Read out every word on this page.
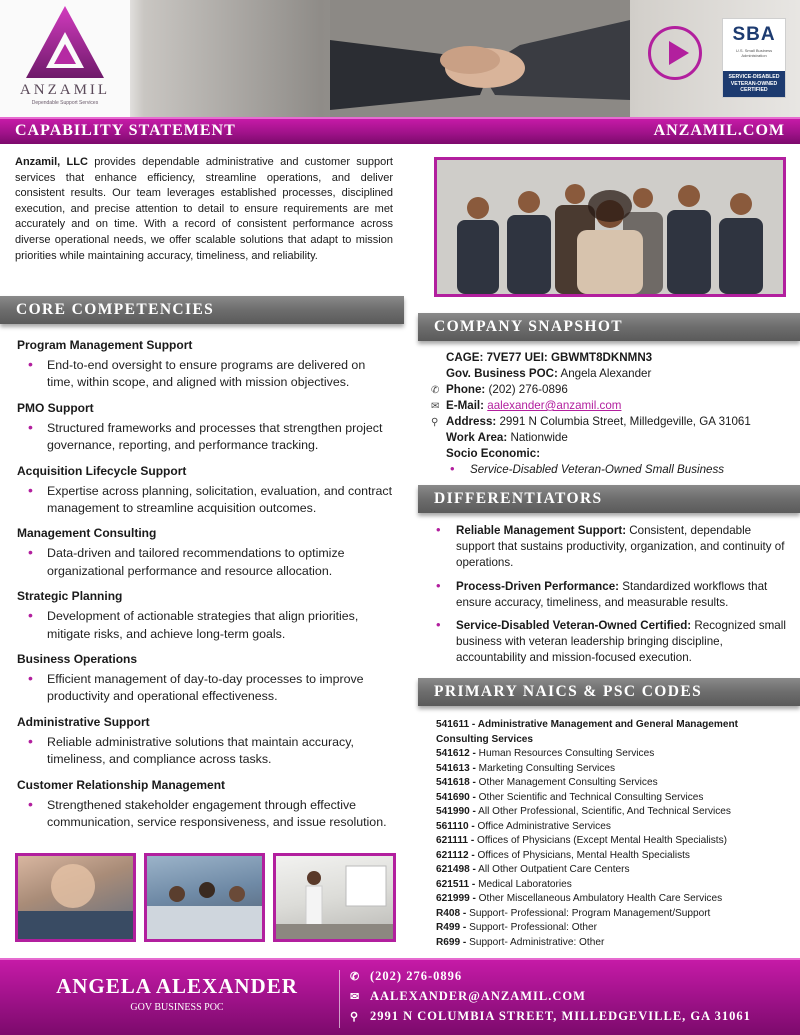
ANZAMIL
Dependable Support Services
SBA
U.S. Small Business Administration
SERVICE-DISABLED VETERAN-OWNED CERTIFIED
CAPABILITY STATEMENT	ANZAMIL.COM
Anzamil, LLC provides dependable administrative and customer support services that enhance efficiency, streamline operations, and deliver consistent results. Our team leverages established processes, disciplined execution, and precise attention to detail to ensure requirements are met accurately and on time. With a record of consistent performance across diverse operational needs, we offer scalable solutions that adapt to mission priorities while maintaining accuracy, timeliness, and reliability.
CORE COMPETENCIES
COMPANY SNAPSHOT
DIFFERENTIATORS
PRIMARY NAICS & PSC CODES
Program Management Support
• End-to-end oversight to ensure programs are delivered on time, within scope, and aligned with mission objectives.
PMO Support
• Structured frameworks and processes that strengthen project governance, reporting, and performance tracking.
Acquisition Lifecycle Support
• Expertise across planning, solicitation, evaluation, and contract management to streamline acquisition outcomes.
Management Consulting
• Data-driven and tailored recommendations to optimize organizational performance and resource allocation.
Strategic Planning
• Development of actionable strategies that align priorities, mitigate risks, and achieve long-term goals.
Business Operations
• Efficient management of day-to-day processes to improve productivity and operational effectiveness.
Administrative Support
• Reliable administrative solutions that maintain accuracy, timeliness, and compliance across tasks.
Customer Relationship Management
• Strengthened stakeholder engagement through effective communication, service responsiveness, and issue resolution.
CAGE: 7VE77 UEI: GBWMT8DKNMN3
Gov. Business POC: Angela Alexander
✆ Phone: (202) 276-0896
✉ E-Mail: aalexander@anzamil.com
⚲ Address: 2991 N Columbia Street, Milledgeville, GA 31061
Work Area: Nationwide
Socio Economic:
• Service-Disabled Veteran-Owned Small Business
• Reliable Management Support: Consistent, dependable support that sustains productivity, organization, and continuity of operations.
• Process-Driven Performance: Standardized workflows that ensure accuracy, timeliness, and measurable results.
• Service-Disabled Veteran-Owned Certified: Recognized small business with veteran leadership bringing discipline, accountability and mission-focused execution.
541611 - Administrative Management and General Management Consulting Services
541612 - Human Resources Consulting Services
541613 - Marketing Consulting Services
541618 - Other Management Consulting Services
541690 - Other Scientific and Technical Consulting Services
541990 - All Other Professional, Scientific, And Technical Services
561110 - Office Administrative Services
621111 - Offices of Physicians (Except Mental Health Specialists)
621112 - Offices of Physicians, Mental Health Specialists
621498 - All Other Outpatient Care Centers
621511 - Medical Laboratories
621999 - Other Miscellaneous Ambulatory Health Care Services
R408 - Support- Professional: Program Management/Support
R499 - Support- Professional: Other
R699 - Support- Administrative: Other
ANGELA ALEXANDER
GOV BUSINESS POC
✆ (202) 276-0896
✉ AALEXANDER@ANZAMIL.COM
⚲ 2991 N COLUMBIA STREET, MILLEDGEVILLE, GA 31061
